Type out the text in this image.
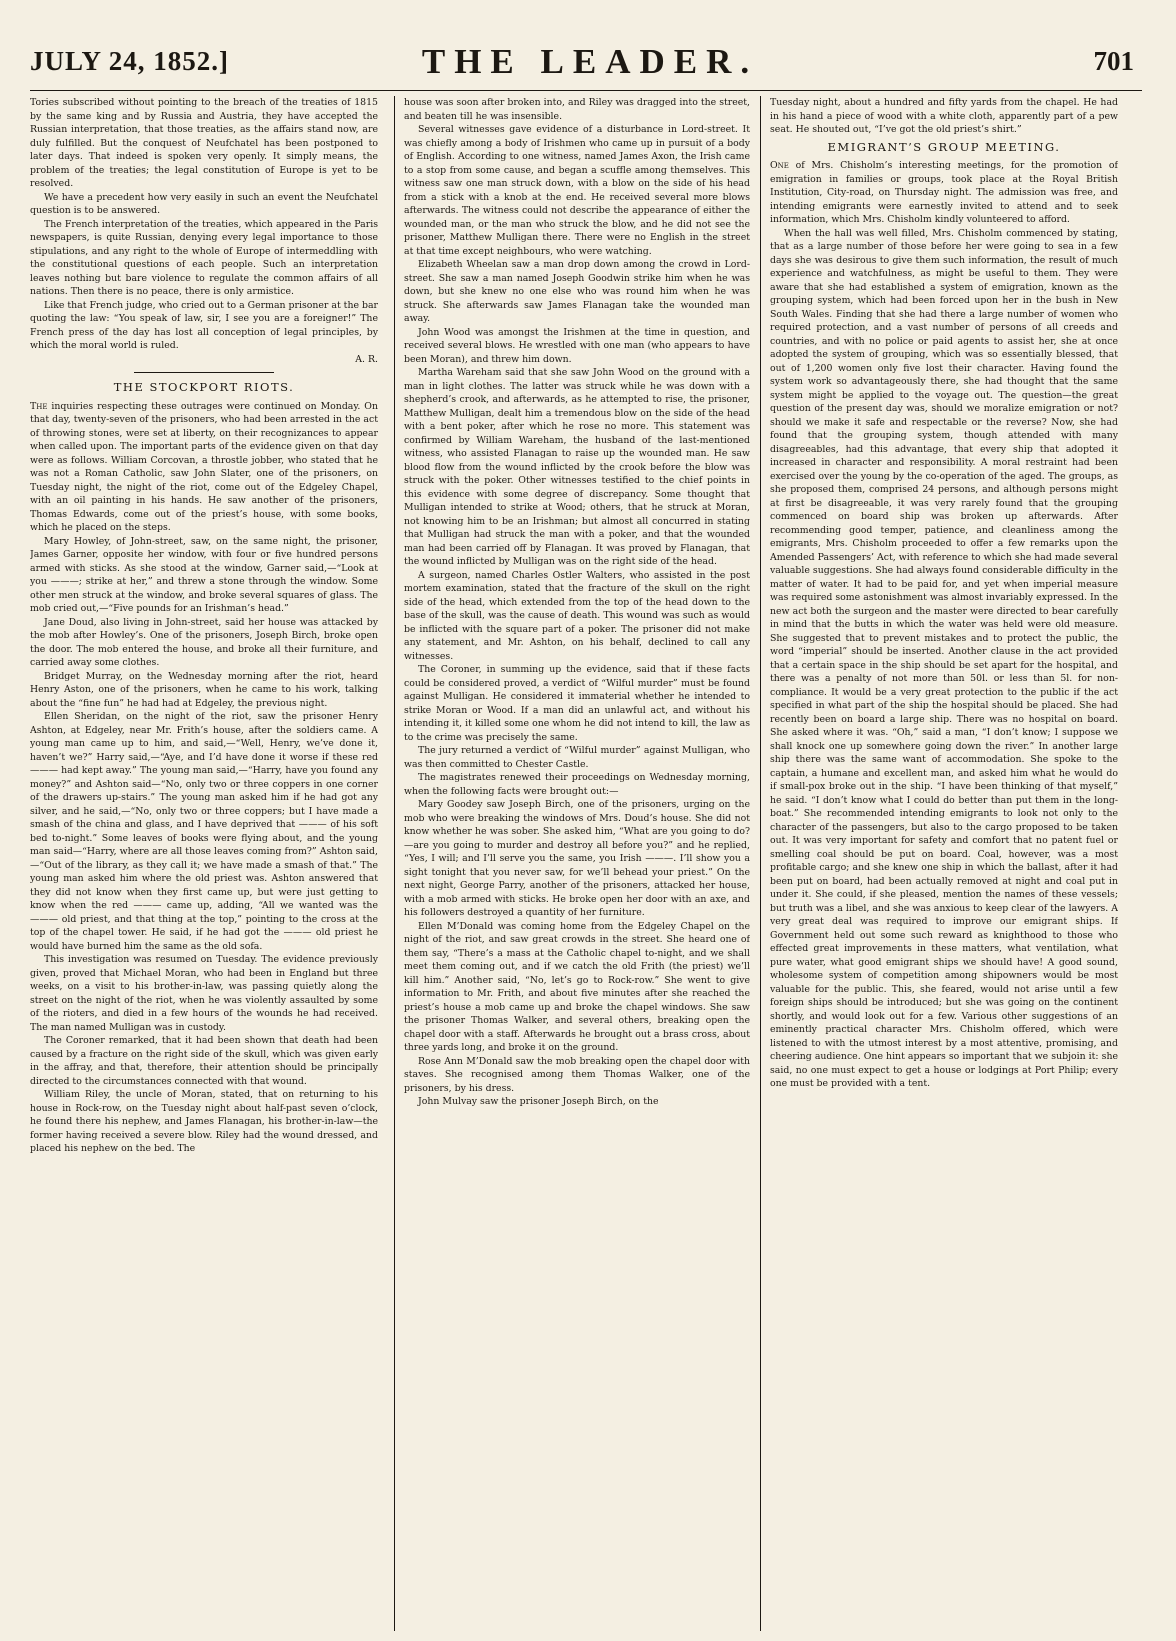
JULY 24, 1852.]	THE LEADER.	701

Tories subscribed without pointing to the breach of the treaties of 1815 by the same king and by Russia and Austria, they have accepted the Russian interpretation, that those treaties, as the affairs stand now, are duly fulfilled. But the conquest of Neufchatel has been postponed to later days. That indeed is spoken very openly. It simply means, the problem of the treaties; the legal constitution of Europe is yet to be resolved.

We have a precedent how very easily in such an event the Neufchatel question is to be answered.

The French interpretation of the treaties, which appeared in the Paris newspapers, is quite Russian, denying every legal importance to those stipulations, and any right to the whole of Europe of intermeddling with the constitutional questions of each people. Such an interpretation leaves nothing but bare violence to regulate the common affairs of all nations. Then there is no peace, there is only armistice.

Like that French judge, who cried out to a German prisoner at the bar quoting the law: “You speak of law, sir, I see you are a foreigner!” The French press of the day has lost all conception of legal principles, by which the moral world is ruled.

A. R.
THE STOCKPORT RIOTS.

The inquiries respecting these outrages were continued on Monday. On that day, twenty-seven of the prisoners, who had been arrested in the act of throwing stones, were set at liberty, on their recognizances to appear when called upon. The important parts of the evidence given on that day were as follows. William Corcovan, a throstle jobber, who stated that he was not a Roman Catholic, saw John Slater, one of the prisoners, on Tuesday night, the night of the riot, come out of the Edgeley Chapel, with an oil painting in his hands. He saw another of the prisoners, Thomas Edwards, come out of the priest’s house, with some books, which he placed on the steps.

Mary Howley, of John-street, saw, on the same night, the prisoner, James Garner, opposite her window, with four or five hundred persons armed with sticks. As she stood at the window, Garner said,—“Look at you ———; strike at her,” and threw a stone through the window. Some other men struck at the window, and broke several squares of glass. The mob cried out,—“Five pounds for an Irishman’s head.”

Jane Doud, also living in John-street, said her house was attacked by the mob after Howley’s. One of the prisoners, Joseph Birch, broke open the door. The mob entered the house, and broke all their furniture, and carried away some clothes.

Bridget Murray, on the Wednesday morning after the riot, heard Henry Aston, one of the prisoners, when he came to his work, talking about the “fine fun” he had had at Edgeley, the previous night.

Ellen Sheridan, on the night of the riot, saw the prisoner Henry Ashton, at Edgeley, near Mr. Frith’s house, after the soldiers came. A young man came up to him, and said,—“Well, Henry, we’ve done it, haven’t we?” Harry said,—“Aye, and I’d have done it worse if these red ——— had kept away.” The young man said,—“Harry, have you found any money?” and Ashton said—“No, only two or three coppers in one corner of the drawers up-stairs.” The young man asked him if he had got any silver, and he said,—“No, only two or three coppers; but I have made a smash of the china and glass, and I have deprived that ——— of his soft bed to-night.” Some leaves of books were flying about, and the young man said—“Harry, where are all those leaves coming from?” Ashton said, —“Out of the library, as they call it; we have made a smash of that.” The young man asked him where the old priest was. Ashton answered that they did not know when they first came up, but were just getting to know when the red ——— came up, adding, “All we wanted was the ——— old priest, and that thing at the top,” pointing to the cross at the top of the chapel tower. He said, if he had got the ——— old priest he would have burned him the same as the old sofa.

This investigation was resumed on Tuesday. The evidence previously given, proved that Michael Moran, who had been in England but three weeks, on a visit to his brother-in-law, was passing quietly along the street on the night of the riot, when he was violently assaulted by some of the rioters, and died in a few hours of the wounds he had received. The man named Mulligan was in custody.

The Coroner remarked, that it had been shown that death had been caused by a fracture on the right side of the skull, which was given early in the affray, and that, therefore, their attention should be principally directed to the circumstances connected with that wound.

William Riley, the uncle of Moran, stated, that on returning to his house in Rock-row, on the Tuesday night about half-past seven o’clock, he found there his nephew, and James Flanagan, his brother-in-law—the former having received a severe blow. Riley had the wound dressed, and placed his nephew on the bed. The

house was soon after broken into, and Riley was dragged into the street, and beaten till he was insensible.

Several witnesses gave evidence of a disturbance in Lord-street. It was chiefly among a body of Irishmen who came up in pursuit of a body of English. According to one witness, named James Axon, the Irish came to a stop from some cause, and began a scuffle among themselves. This witness saw one man struck down, with a blow on the side of his head from a stick with a knob at the end. He received several more blows afterwards. The witness could not describe the appearance of either the wounded man, or the man who struck the blow, and he did not see the prisoner, Matthew Mulligan there. There were no English in the street at that time except neighbours, who were watching.

Elizabeth Wheelan saw a man drop down among the crowd in Lord-street. She saw a man named Joseph Goodwin strike him when he was down, but she knew no one else who was round him when he was struck. She afterwards saw James Flanagan take the wounded man away.

John Wood was amongst the Irishmen at the time in question, and received several blows. He wrestled with one man (who appears to have been Moran), and threw him down.

Martha Wareham said that she saw John Wood on the ground with a man in light clothes. The latter was struck while he was down with a shepherd’s crook, and afterwards, as he attempted to rise, the prisoner, Matthew Mulligan, dealt him a tremendous blow on the side of the head with a bent poker, after which he rose no more. This statement was confirmed by William Wareham, the husband of the last-mentioned witness, who assisted Flanagan to raise up the wounded man. He saw blood flow from the wound inflicted by the crook before the blow was struck with the poker. Other witnesses testified to the chief points in this evidence with some degree of discrepancy. Some thought that Mulligan intended to strike at Wood; others, that he struck at Moran, not knowing him to be an Irishman; but almost all concurred in stating that Mulligan had struck the man with a poker, and that the wounded man had been carried off by Flanagan. It was proved by Flanagan, that the wound inflicted by Mulligan was on the right side of the head.

A surgeon, named Charles Ostler Walters, who assisted in the post mortem examination, stated that the fracture of the skull on the right side of the head, which extended from the top of the head down to the base of the skull, was the cause of death. This wound was such as would be inflicted with the square part of a poker. The prisoner did not make any statement, and Mr. Ashton, on his behalf, declined to call any witnesses.

The Coroner, in summing up the evidence, said that if these facts could be considered proved, a verdict of “Wilful murder” must be found against Mulligan. He considered it immaterial whether he intended to strike Moran or Wood. If a man did an unlawful act, and without his intending it, it killed some one whom he did not intend to kill, the law as to the crime was precisely the same.

The jury returned a verdict of “Wilful murder” against Mulligan, who was then committed to Chester Castle.

The magistrates renewed their proceedings on Wednesday morning, when the following facts were brought out:—

Mary Goodey saw Joseph Birch, one of the prisoners, urging on the mob who were breaking the windows of Mrs. Doud’s house. She did not know whether he was sober. She asked him, “What are you going to do?—are you going to murder and destroy all before you?” and he replied, “Yes, I will; and I’ll serve you the same, you Irish ———. I’ll show you a sight tonight that you never saw, for we’ll behead your priest.” On the next night, George Parry, another of the prisoners, attacked her house, with a mob armed with sticks. He broke open her door with an axe, and his followers destroyed a quantity of her furniture.

Ellen M’Donald was coming home from the Edgeley Chapel on the night of the riot, and saw great crowds in the street. She heard one of them say, “There’s a mass at the Catholic chapel to-night, and we shall meet them coming out, and if we catch the old Frith (the priest) we’ll kill him.” Another said, “No, let’s go to Rock-row.” She went to give information to Mr. Frith, and about five minutes after she reached the priest’s house a mob came up and broke the chapel windows. She saw the prisoner Thomas Walker, and several others, breaking open the chapel door with a staff. Afterwards he brought out a brass cross, about three yards long, and broke it on the ground.

Rose Ann M’Donald saw the mob breaking open the chapel door with staves. She recognised among them Thomas Walker, one of the prisoners, by his dress.

John Mulvay saw the prisoner Joseph Birch, on the

Tuesday night, about a hundred and fifty yards from the chapel. He had in his hand a piece of wood with a white cloth, apparently part of a pew seat. He shouted out, “I’ve got the old priest’s shirt.”

EMIGRANT’S GROUP MEETING.

One of Mrs. Chisholm’s interesting meetings, for the promotion of emigration in families or groups, took place at the Royal British Institution, City-road, on Thursday night. The admission was free, and intending emigrants were earnestly invited to attend and to seek information, which Mrs. Chisholm kindly volunteered to afford.

When the hall was well filled, Mrs. Chisholm commenced by stating, that as a large number of those before her were going to sea in a few days she was desirous to give them such information, the result of much experience and watchfulness, as might be useful to them. They were aware that she had established a system of emigration, known as the grouping system, which had been forced upon her in the bush in New South Wales. Finding that she had there a large number of women who required protection, and a vast number of persons of all creeds and countries, and with no police or paid agents to assist her, she at once adopted the system of grouping, which was so essentially blessed, that out of 1,200 women only five lost their character. Having found the system work so advantageously there, she had thought that the same system might be applied to the voyage out. The question—the great question of the present day was, should we moralize emigration or not? should we make it safe and respectable or the reverse? Now, she had found that the grouping system, though attended with many disagreeables, had this advantage, that every ship that adopted it increased in character and responsibility. A moral restraint had been exercised over the young by the co-operation of the aged. The groups, as she proposed them, comprised 24 persons, and although persons might at first be disagreeable, it was very rarely found that the grouping commenced on board ship was broken up afterwards. After recommending good temper, patience, and cleanliness among the emigrants, Mrs. Chisholm proceeded to offer a few remarks upon the Amended Passengers’ Act, with reference to which she had made several valuable suggestions. She had always found considerable difficulty in the matter of water. It had to be paid for, and yet when imperial measure was required some astonishment was almost invariably expressed. In the new act both the surgeon and the master were directed to bear carefully in mind that the butts in which the water was held were old measure. She suggested that to prevent mistakes and to protect the public, the word “imperial” should be inserted. Another clause in the act provided that a certain space in the ship should be set apart for the hospital, and there was a penalty of not more than 50l. or less than 5l. for non-compliance. It would be a very great protection to the public if the act specified in what part of the ship the hospital should be placed. She had recently been on board a large ship. There was no hospital on board. She asked where it was. “Oh,” said a man, “I don’t know; I suppose we shall knock one up somewhere going down the river.” In another large ship there was the same want of accommodation. She spoke to the captain, a humane and excellent man, and asked him what he would do if small-pox broke out in the ship. “I have been thinking of that myself,” he said. “I don’t know what I could do better than put them in the long-boat.” She recommended intending emigrants to look not only to the character of the passengers, but also to the cargo proposed to be taken out. It was very important for safety and comfort that no patent fuel or smelling coal should be put on board. Coal, however, was a most profitable cargo; and she knew one ship in which the ballast, after it had been put on board, had been actually removed at night and coal put in under it. She could, if she pleased, mention the names of these vessels; but truth was a libel, and she was anxious to keep clear of the lawyers. A very great deal was required to improve our emigrant ships. If Government held out some such reward as knighthood to those who effected great improvements in these matters, what ventilation, what pure water, what good emigrant ships we should have! A good sound, wholesome system of competition among shipowners would be most valuable for the public. This, she feared, would not arise until a few foreign ships should be introduced; but she was going on the continent shortly, and would look out for a few. Various other suggestions of an eminently practical character Mrs. Chisholm offered, which were listened to with the utmost interest by a most attentive, promising, and cheering audience. One hint appears so important that we subjoin it: she said, no one must expect to get a house or lodgings at Port Philip; every one must be provided with a tent.
